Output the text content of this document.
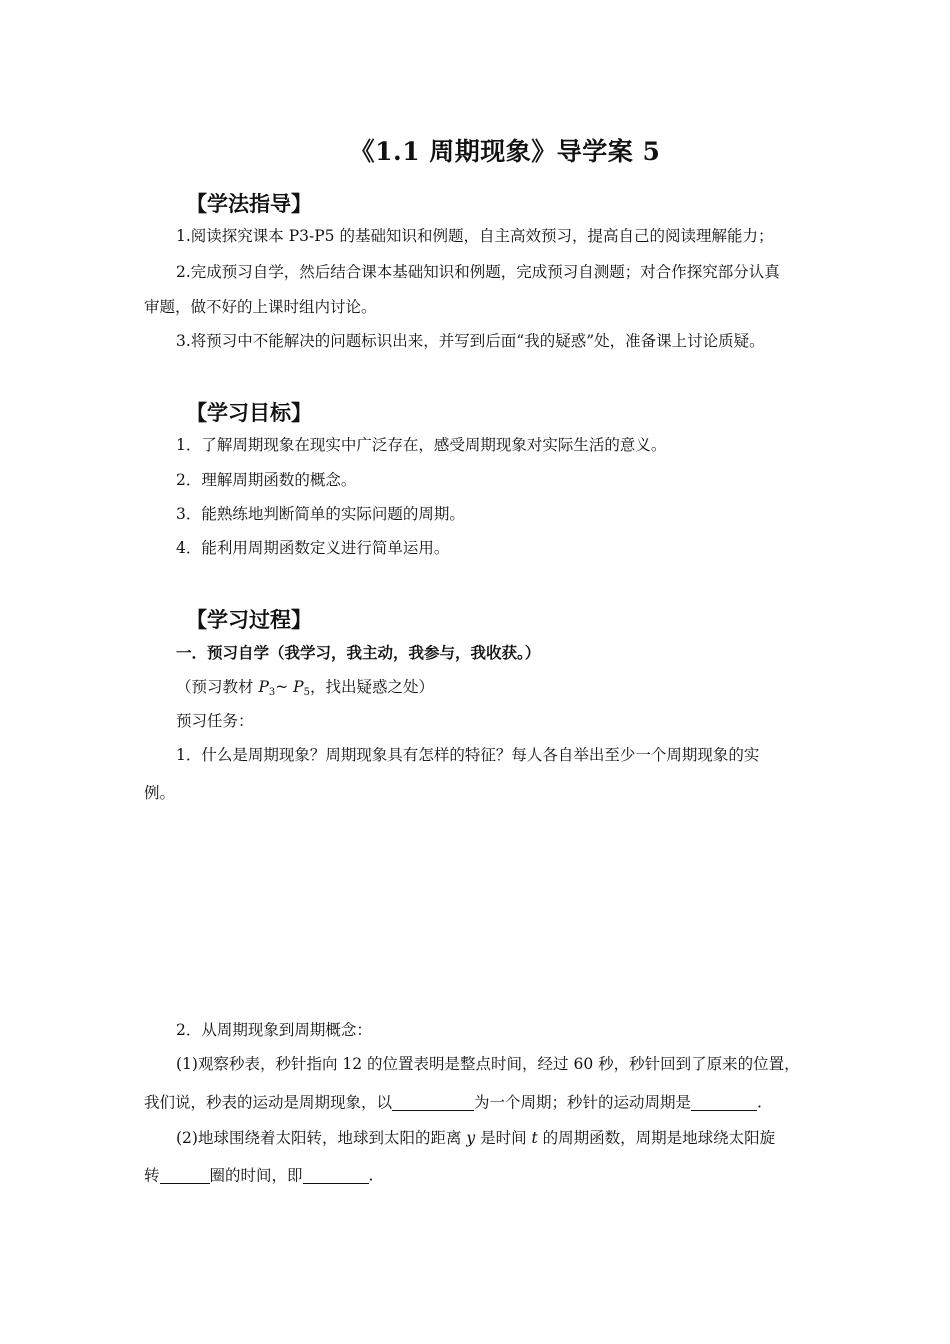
《1.1 周期现象》导学案 5
【学法指导】
1.阅读探究课本 P3-P5 的基础知识和例题，自主高效预习，提高自己的阅读理解能力；
2.完成预习自学，然后结合课本基础知识和例题，完成预习自测题；对合作探究部分认真
审题，做不好的上课时组内讨论。
3.将预习中不能解决的问题标识出来，并写到后面“我的疑惑”处，准备课上讨论质疑。
【学习目标】
1．了解周期现象在现实中广泛存在，感受周期现象对实际生活的意义。
2．理解周期函数的概念。
3．能熟练地判断简单的实际问题的周期。
4．能利用周期函数定义进行简单运用。
【学习过程】
一．预习自学（我学习，我主动，我参与，我收获。）
（预习教材 $P_3\sim$ $P_5$，找出疑惑之处）
预习任务：
1．什么是周期现象？周期现象具有怎样的特征？每人各自举出至少一个周期现象的实
例。
2．从周期现象到周期概念：
(1)观察秒表，秒针指向 12 的位置表明是整点时间，经过 60 秒，秒针回到了原来的位置，
我们说，秒表的运动是周期现象，以	为一个周期；秒针的运动周期是	.
(2)地球围绕着太阳转，地球到太阳的距离 y 是时间 t 的周期函数，周期是地球绕太阳旋
转	圈的时间，即	.
